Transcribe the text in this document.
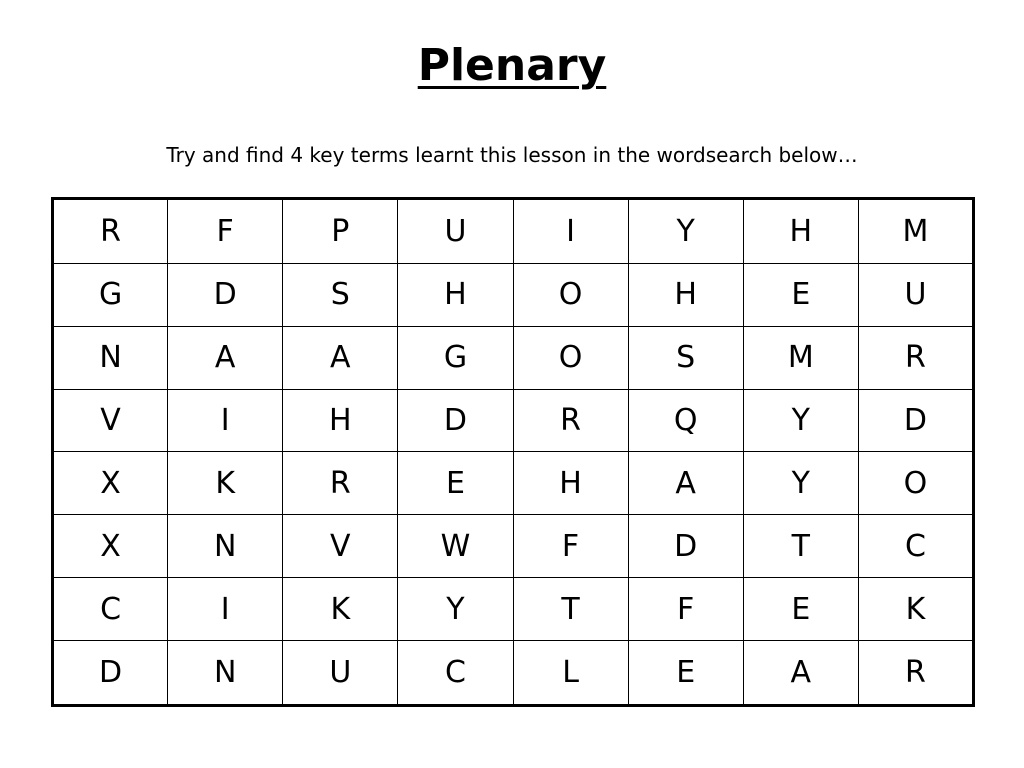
Plenary
Try and find 4 key terms learnt this lesson in the wordsearch below…
R	F	P	U	I	Y	H	M
G	D	S	H	O	H	E	U
N	A	A	G	O	S	M	R
V	I	H	D	R	Q	Y	D
X	K	R	E	H	A	Y	O
X	N	V	W	F	D	T	C
C	I	K	Y	T	F	E	K
D	N	U	C	L	E	A	R
